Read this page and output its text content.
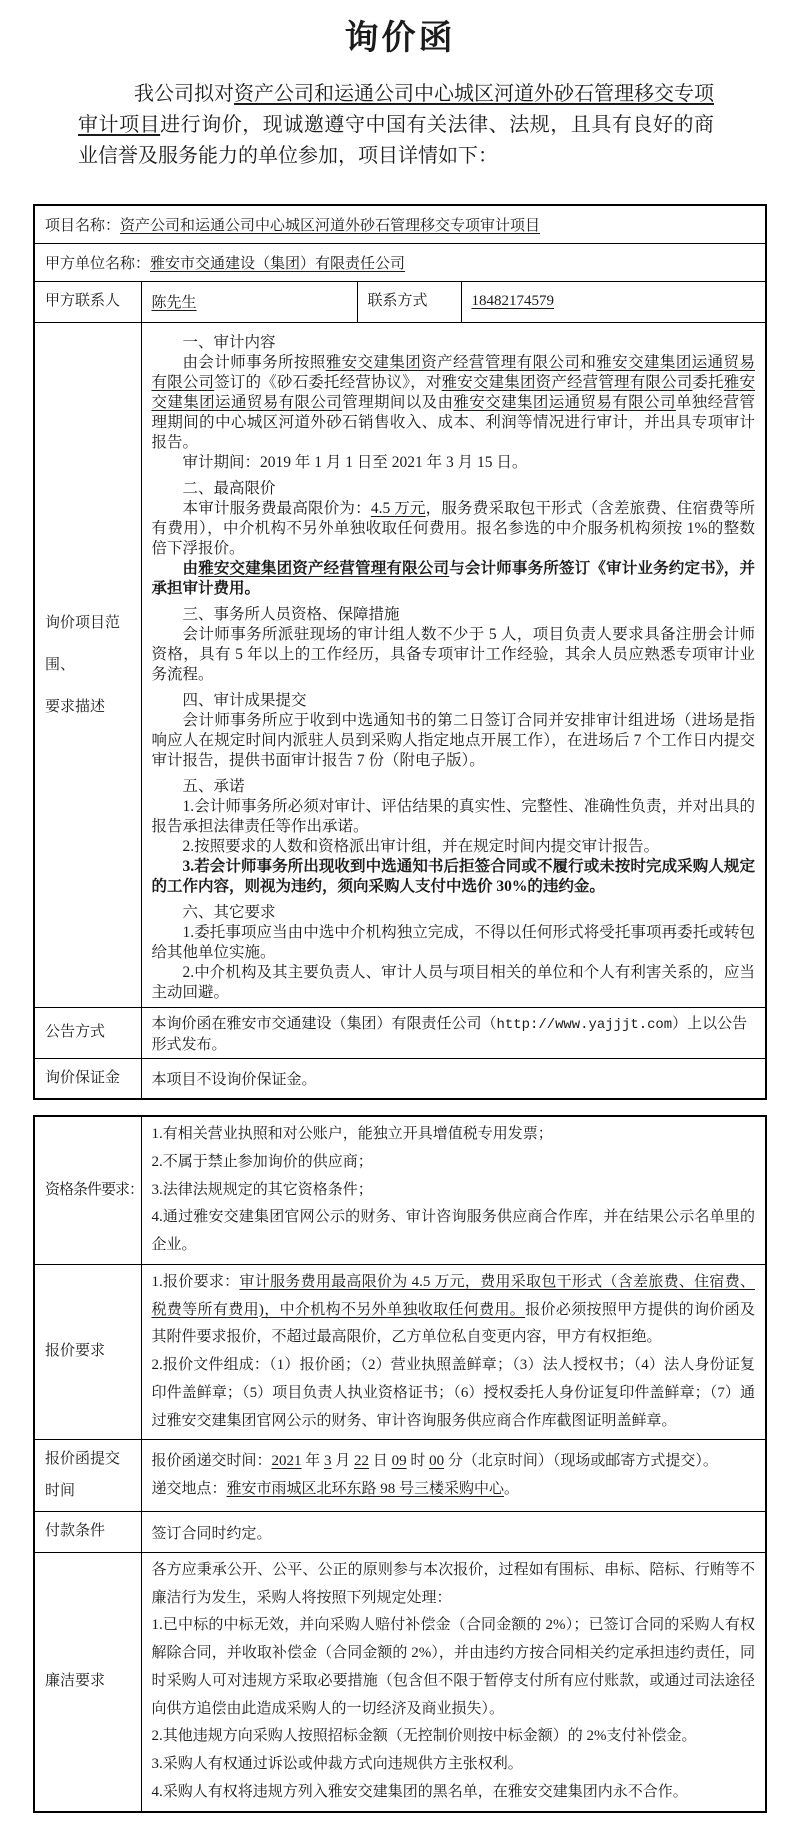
询价函

我公司拟对资产公司和运通公司中心城区河道外砂石管理移交专项审计项目进行询价，现诚邀遵守中国有关法律、法规，且具有良好的商业信誉及服务能力的单位参加，项目详情如下：

项目名称：资产公司和运通公司中心城区河道外砂石管理移交专项审计项目			
甲方单位名称：雅安市交通建设（集团）有限责任公司			
甲方联系人	陈先生	联系方式	18482174579

询价项目范围、
要求描述

一、审计内容
由会计师事务所按照雅安交建集团资产经营管理有限公司和雅安交建集团运通贸易有限公司签订的《砂石委托经营协议》，对雅安交建集团资产经营管理有限公司委托雅安交建集团运通贸易有限公司管理期间以及由雅安交建集团运通贸易有限公司单独经营管理期间的中心城区河道外砂石销售收入、成本、利润等情况进行审计，并出具专项审计报告。
审计期间：2019 年 1 月 1 日至 2021 年 3 月 15 日。
二、最高限价
本审计服务费最高限价为：4.5 万元，服务费采取包干形式（含差旅费、住宿费等所有费用），中介机构不另外单独收取任何费用。报名参选的中介服务机构须按 1%的整数倍下浮报价。
由雅安交建集团资产经营管理有限公司与会计师事务所签订《审计业务约定书》，并承担审计费用。
三、事务所人员资格、保障措施
会计师事务所派驻现场的审计组人数不少于 5 人，项目负责人要求具备注册会计师资格，具有 5 年以上的工作经历，具备专项审计工作经验，其余人员应熟悉专项审计业务流程。
四、审计成果提交
会计师事务所应于收到中选通知书的第二日签订合同并安排审计组进场（进场是指响应人在规定时间内派驻人员到采购人指定地点开展工作），在进场后 7 个工作日内提交审计报告，提供书面审计报告 7 份（附电子版）。
五、承诺
1.会计师事务所必须对审计、评估结果的真实性、完整性、准确性负责，并对出具的报告承担法律责任等作出承诺。
2.按照要求的人数和资格派出审计组，并在规定时间内提交审计报告。
3.若会计师事务所出现收到中选通知书后拒签合同或不履行或未按时完成采购人规定的工作内容，则视为违约，须向采购人支付中选价 30%的违约金。
六、其它要求
1.委托事项应当由中选中介机构独立完成，不得以任何形式将受托事项再委托或转包给其他单位实施。
2.中介机构及其主要负责人、审计人员与项目相关的单位和个人有利害关系的，应当主动回避。

公告方式	本询价函在雅安市交通建设（集团）有限责任公司（http://www.yajjjt.com）上以公告形式发布。		
询价保证金	本项目不设询价保证金。		
资格条件要求：	1.有相关营业执照和对公账户，能独立开具增值税专用发票；
2.不属于禁止参加询价的供应商；
3.法律法规规定的其它资格条件；
4.通过雅安交建集团官网公示的财务、审计咨询服务供应商合作库，并在结果公示名单里的企业。

报价要求	1.报价要求：审计服务费用最高限价为 4.5 万元，费用采取包干形式（含差旅费、住宿费、税费等所有费用)，中介机构不另外单独收取任何费用。报价必须按照甲方提供的询价函及其附件要求报价，不超过最高限价，乙方单位私自变更内容，甲方有权拒绝。
2.报价文件组成：（1）报价函；（2）营业执照盖鲜章；（3）法人授权书；（4）法人身份证复印件盖鲜章；（5）项目负责人执业资格证书；（6）授权委托人身份证复印件盖鲜章；（7）通过雅安交建集团官网公示的财务、审计咨询服务供应商合作库截图证明盖鲜章。

报价函提交时间	报价函递交时间：2021 年 3 月 22 日 09 时 00 分（北京时间）（现场或邮寄方式提交）。
递交地点：雅安市雨城区北环东路 98 号三楼采购中心。

付款条件	签订合同时约定。
廉洁要求	各方应秉承公开、公平、公正的原则参与本次报价，过程如有围标、串标、陪标、行贿等不廉洁行为发生，采购人将按照下列规定处理：
1.已中标的中标无效，并向采购人赔付补偿金（合同金额的 2%）；已签订合同的采购人有权解除合同，并收取补偿金（合同金额的 2%），并由违约方按合同相关约定承担违约责任，同时采购人可对违规方采取必要措施（包含但不限于暂停支付所有应付账款，或通过司法途径向供方追偿由此造成采购人的一切经济及商业损失）。
2.其他违规方向采购人按照招标金额（无控制价则按中标金额）的 2%支付补偿金。
3.采购人有权通过诉讼或仲裁方式向违规供方主张权利。
4.采购人有权将违规方列入雅安交建集团的黑名单，在雅安交建集团内永不合作。
